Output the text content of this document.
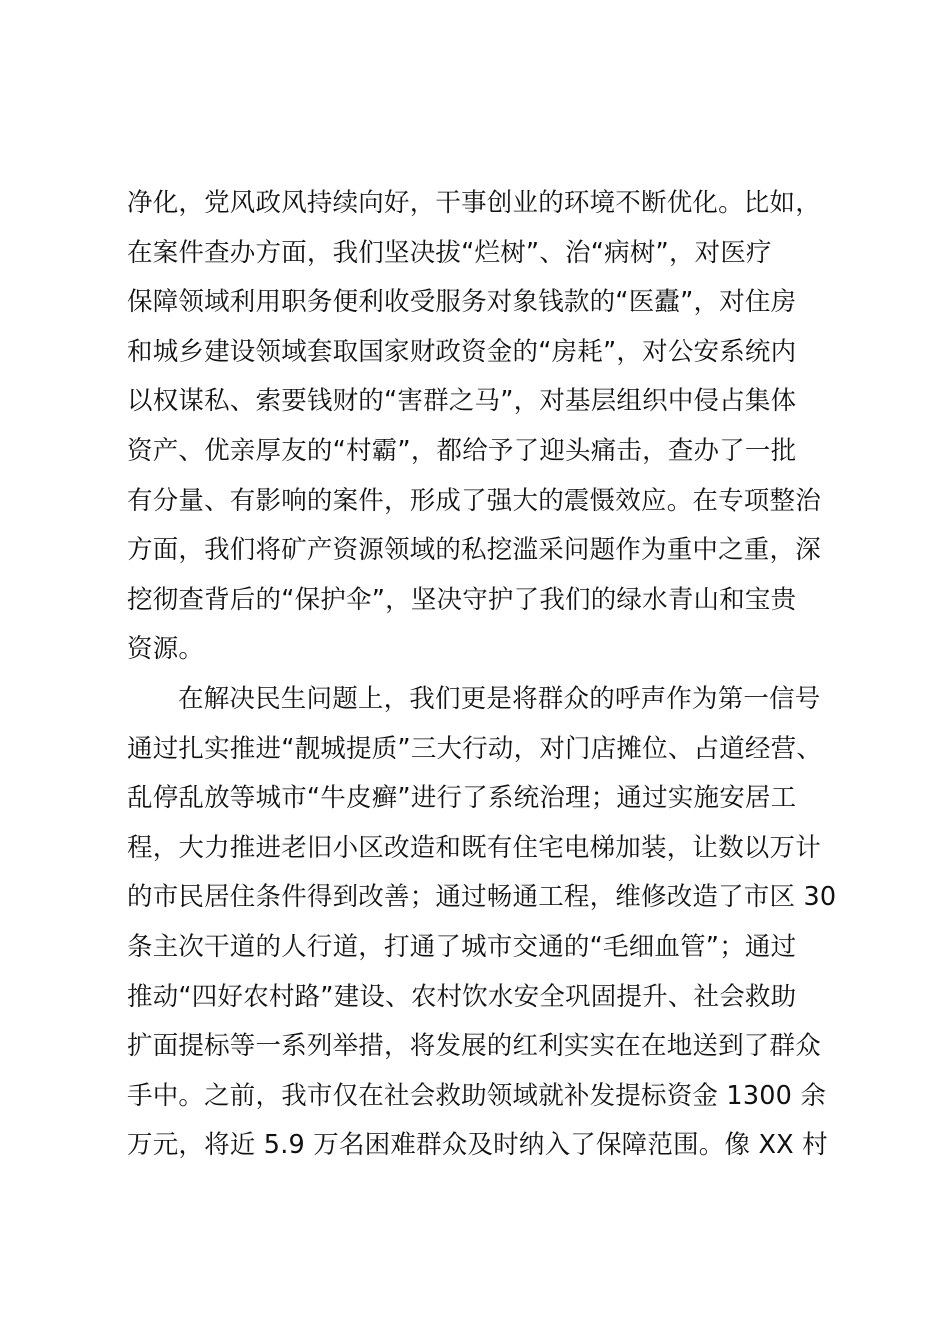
净化，党风政风持续向好，干事创业的环境不断优化。比如，
在案件查办方面，我们坚决拔“烂树”、治“病树”，对医疗
保障领域利用职务便利收受服务对象钱款的“医蠹”，对住房
和城乡建设领域套取国家财政资金的“房耗”，对公安系统内
以权谋私、索要钱财的“害群之马”，对基层组织中侵占集体
资产、优亲厚友的“村霸”，都给予了迎头痛击，查办了一批
有分量、有影响的案件，形成了强大的震慑效应。在专项整治
方面，我们将矿产资源领域的私挖滥采问题作为重中之重，深
挖彻查背后的“保护伞”，坚决守护了我们的绿水青山和宝贵
资源。
在解决民生问题上，我们更是将群众的呼声作为第一信号
通过扎实推进“靓城提质”三大行动，对门店摊位、占道经营、
乱停乱放等城市“牛皮癣”进行了系统治理；通过实施安居工
程，大力推进老旧小区改造和既有住宅电梯加装，让数以万计
的市民居住条件得到改善；通过畅通工程，维修改造了市区 30
条主次干道的人行道，打通了城市交通的“毛细血管”；通过
推动“四好农村路”建设、农村饮水安全巩固提升、社会救助
扩面提标等一系列举措，将发展的红利实实在在地送到了群众
手中。之前，我市仅在社会救助领域就补发提标资金 1300 余
万元，将近 5.9 万名困难群众及时纳入了保障范围。像 XX 村
